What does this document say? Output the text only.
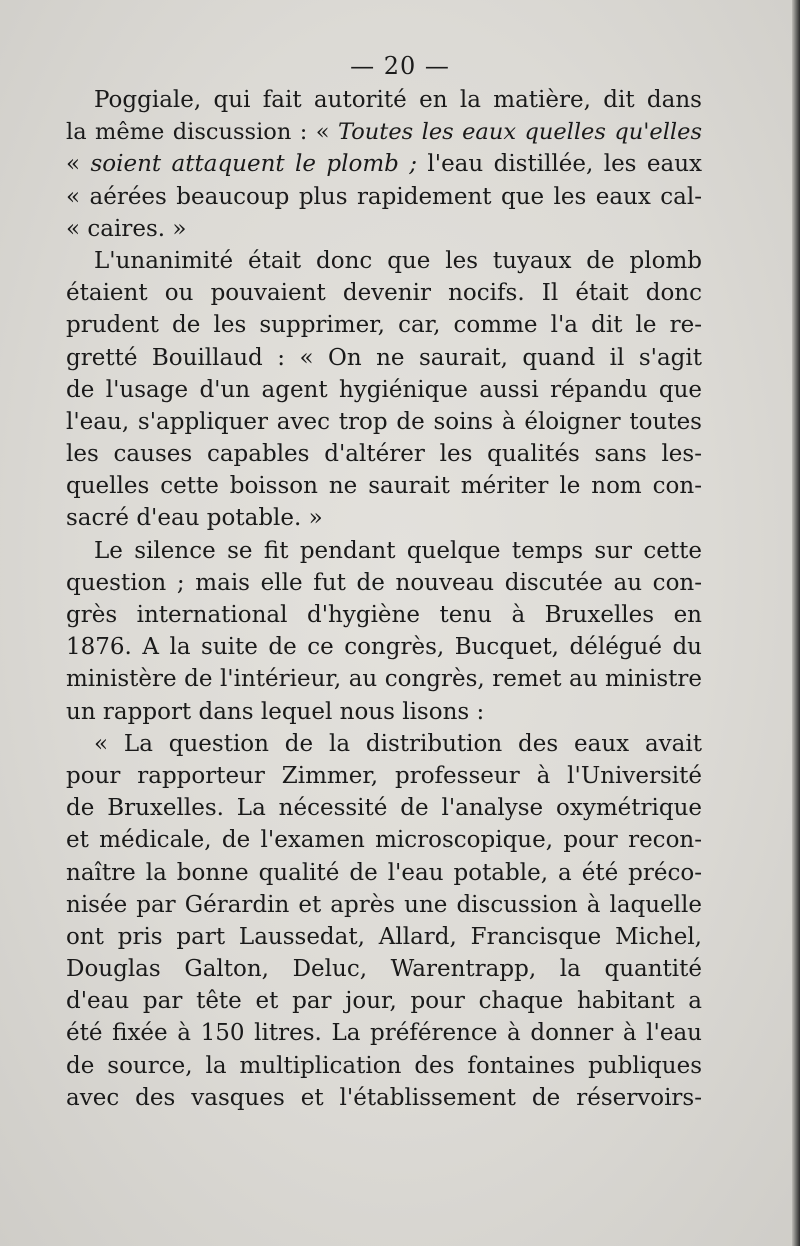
— 20 —
Poggiale, qui fait autorité en la matière, dit dans
la même discussion : « Toutes les eaux quelles qu'elles
« soient attaquent le plomb ; l'eau distillée, les eaux
« aérées beaucoup plus rapidement que les eaux cal-
« caires. »
L'unanimité était donc que les tuyaux de plomb
étaient ou pouvaient devenir nocifs. Il était donc
prudent de les supprimer, car, comme l'a dit le re-
gretté Bouillaud : « On ne saurait, quand il s'agit
de l'usage d'un agent hygiénique aussi répandu que
l'eau, s'appliquer avec trop de soins à éloigner toutes
les causes capables d'altérer les qualités sans les-
quelles cette boisson ne saurait mériter le nom con-
sacré d'eau potable. »
Le silence se fit pendant quelque temps sur cette
question ; mais elle fut de nouveau discutée au con-
grès international d'hygiène tenu à Bruxelles en
1876. A la suite de ce congrès, Bucquet, délégué du
ministère de l'intérieur, au congrès, remet au ministre
un rapport dans lequel nous lisons :
« La question de la distribution des eaux avait
pour rapporteur Zimmer, professeur à l'Université
de Bruxelles. La nécessité de l'analyse oxymétrique
et médicale, de l'examen microscopique, pour recon-
naître la bonne qualité de l'eau potable, a été préco-
nisée par Gérardin et après une discussion à laquelle
ont pris part Laussedat, Allard, Francisque Michel,
Douglas Galton, Deluc, Warentrapp, la quantité
d'eau par tête et par jour, pour chaque habitant a
été fixée à 150 litres. La préférence à donner à l'eau
de source, la multiplication des fontaines publiques
avec des vasques et l'établissement de réservoirs-
